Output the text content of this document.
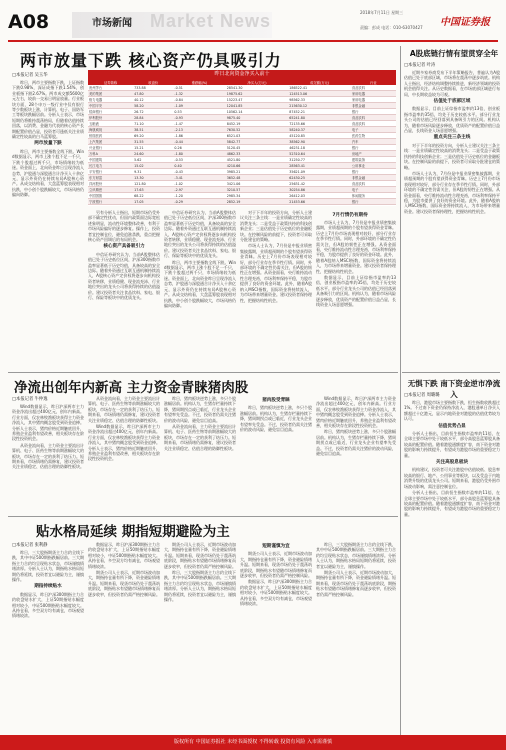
A08	市场新闻 Market News	2018年7月11日 星期三
责编：彭成 电话：010-63070427 中国证券报
两市放量下跌 核心资产仍具吸引力
□本报记者 吴玉华

昨日，两市主要指数下跌，上证指数下跌0.98%，深证成指下跌1.54%，创业板指下跌2.67%。两市成交额5600亿元左右，较前一交易日明显放量。行业板块方面，28个申万一级行业中仅有银行等少数板块上涨，计算机、电子、国防军工等板块跌幅居前。分析人士表示，市场短期仍将维持震荡格局，但随着估值持续回落，以消费、金融为代表的核心资产长期配置价值凸显，投资者可逢低关注业绩确定性较高的白马蓝筹股。

两市放量下跌

昨日，两市主要指数全线下跌。Wind数据显示，两市上涨个股不足一千只，下跌个股超过两千只，市场情绪较为低迷。资金面上，北向资金昨日呈现净流入态势，沪股通与深股通合计净买入十余亿元，显示外资仍在持续布局A股核心资产。从成交结构看，大盘蓝筹股表现相对抗跌，中小创个股跌幅较大，市场风格仍偏向防御。

另有分析人士指出，短期市场仍受外部不确定性扰动，但国内政策面边际宽松迹象明显，流动性环境整体改善，有利于市场风险偏好的逐步修复。操作上，投资者宜控制仓位，避免追涨杀跌，重点把握核心资产回调后的布局机会。

核心资产具备吸引力

中信证券研究认为，当前A股整体估值已处于历史低位区间，沪深300指数市盈率显著低于历史均值，具备较高的安全边际。随着外资通过互联互通机制持续流入，A股核心资产定价权将逐步向机构投资者转移，业绩稳健、现金流充沛、行业地位突出的龙头公司将获得持续的估值溢价。建议投资者关注食品饮料、家电、银行、保险等板块中的优质龙头。

中信证券研究认为，当前A股整体估值已处于历史低位区间，沪深300指数市盈率显著低于历史均值，具备较高的安全边际。随着外资通过互联互通机制持续流入，A股核心资产定价权将逐步向机构投资者转移，业绩稳健、现金流充沛、行业地位突出的龙头公司将获得持续的估值溢价。建议投资者关注食品饮料、家电、银行、保险等板块中的优质龙头。

昨日，两市主要指数全线下跌。Wind数据显示，两市上涨个股不足一千只，下跌个股超过两千只，市场情绪较为低迷。资金面上，北向资金昨日呈现净流入态势，沪股通与深股通合计净买入十余亿元，显示外资仍在持续布局A股核心资产。从成交结构看，大盘蓝筹股表现相对抗跌，中小创个股跌幅较大，市场风格仍偏向防御。

昨日北向资金净买入前十
证券简称	收盘价	涨跌幅(%)	净买入(万元)	成交额(万元)	行业
贵州茅台	733.88	-0.51	28541.30	186522.41	食品饮料
美的集团	47.80	-1.32	19875.62	124513.06	家用电器
格力电器	40.12	-0.84	15223.47	98562.33	家用电器
中国平安	58.20	-1.09	12041.85	215630.12	非银金融
招商银行	26.72	0.53	10562.14	87452.21	银行
伊利股份	28.84	-0.93	9875.40	65241.80	食品饮料
五粮液	71.10	-1.47	8452.19	72135.66	食品饮料
海康威视	38.51	-2.13	7630.52	58240.37	电子
恒瑞医药	69.20	-1.86	6521.03	45120.85	医药生物
上汽集团	31.55	-0.44	5842.77	38562.90	汽车
兴业银行	15.21	0.26	5120.45	46231.18	银行
万科A	24.60	-1.80	4862.33	52310.64	房地产
中国建筑	5.62	-0.53	4521.80	31250.77	建筑装饰
长江电力	15.02	0.40	4210.66	28563.41	公用事业
平安银行	9.31	-0.43	3985.21	35621.09	银行
东方财富	13.30	-3.41	3652.48	62430.25	非银金融
洋河股份	121.80	-1.02	3421.06	25631.42	食品饮料
立讯精密	17.63	-2.97	3210.57	30254.86	电子
中国国旅	68.22	-1.20	2985.34	26412.03	休闲服务
宁波银行	17.05	-0.29	2852.19	21453.66	银行
7月行情仍有期待

对于下半年的投资方向，分析人士建议关注三条主线：一是业绩确定性较高的消费龙头；二是受益于政策扶持的科技创新企业；三是估值处于历史低位的金融板块。在控制风险的前提下，投资者可采取分批建仓的策略。

市场人士认为，7月份是中报业绩密集披露期，业绩超预期的个股有望获得资金青睐。历史上7月份市场表现相对较好，部分行业存在季节性行情。同时，外部环境的不确定性仍需关注，但A股的韧性正在增强。从资金面看，央行维持流动性合理充裕，市场利率保持平稳，为股市提供了良好的资金环境。此外，随着A股纳入MSCI指数，国际资金将持续流入，为市场带来增量资金。建议投资者保持理性，把握结构性机会。

市场人士认为，7月份是中报业绩密集披露期，业绩超预期的个股有望获得资金青睐。历史上7月份市场表现相对较好，部分行业存在季节性行情。同时，外部环境的不确定性仍需关注，但A股的韧性正在增强。从资金面看，央行维持流动性合理充裕，市场利率保持平稳，为股市提供了良好的资金环境。此外，随着A股纳入MSCI指数，国际资金将持续流入，为市场带来增量资金。建议投资者保持理性，把握结构性机会。

数据显示，目前上证综指市盈率约13倍，创业板指市盈率约35倍，均处于历史较低水平。部分行业龙头公司的估值已经回落到具备吸引力的区间。机构认为，随着市场风险逐步释放，优质资产的配置价值日益凸显，长线资金入场意愿增强。

A股底链行情有望贯穿全年
□本报记者 叶涛

近期多家券商发布下半年策略报告，普遍认为A股估值已处于底部区域，市场将在震荡中逐步筑底。机构人士指出，经济结构调整持续推进，新经济领域的投资机会值得关注。从历史数据看，在市场底部区域进行布局，中长期收益较为可观。

估值处于底部区域

数据显示，目前上证综指市盈率约13倍，创业板指市盈率约35倍，均处于历史较低水平。部分行业龙头公司的估值已经回落到具备吸引力的区间。机构认为，随着市场风险逐步释放，优质资产的配置价值日益凸显，长线资金入场意愿增强。

重点关注三条主线

对于下半年的投资方向，分析人士建议关注三条主线：一是业绩确定性较高的消费龙头；二是受益于政策扶持的科技创新企业；三是估值处于历史低位的金融板块。在控制风险的前提下，投资者可采取分批建仓的策略。

市场人士认为，7月份是中报业绩密集披露期，业绩超预期的个股有望获得资金青睐。历史上7月份市场表现相对较好，部分行业存在季节性行情。同时，外部环境的不确定性仍需关注，但A股的韧性正在增强。从资金面看，央行维持流动性合理充裕，市场利率保持平稳，为股市提供了良好的资金环境。此外，随着A股纳入MSCI指数，国际资金将持续流入，为市场带来增量资金。建议投资者保持理性，把握结构性机会。

净流出创年内新高 主力资金青睐猪肉股
□本报记者 牛仲逸

Wind数据显示，昨日沪深两市主力资金净流出超过400亿元，创年内新高。行业方面，仅农林牧渔板块获得主力资金净流入，其中猪肉概念股受到资金追捧。分析人士表示，猪肉价格近期触底回升，养殖企业盈利有望改善，相关板块存在阶段性投资机会。

从资金流向看，主力资金主要流出计算机、电子、医药生物等前期涨幅较大的板块，市场存在一定的获利了结压力。短期来看，市场情绪仍需修复，建议投资者关注业绩稳定、估值合理的防御性板块。

从资金流向看，主力资金主要流出计算机、电子、医药生物等前期涨幅较大的板块，市场存在一定的获利了结压力。短期来看，市场情绪仍需修复，建议投资者关注业绩稳定、估值合理的防御性板块。

Wind数据显示，昨日沪深两市主力资金净流出超过400亿元，创年内新高。行业方面，仅农林牧渔板块获得主力资金净流入，其中猪肉概念股受到资金追捧。分析人士表示，猪肉价格近期触底回升，养殖企业盈利有望改善，相关板块存在阶段性投资机会。

昨日，猪肉板块逆势上涨，多只个股涨幅居前。机构认为，生猪存栏量持续下降，猪周期拐点或已临近，行业龙头企业有望率先受益。不过，投资者仍需关注猪价的波动风险，避免盲目追高。

从资金流向看，主力资金主要流出计算机、电子、医药生物等前期涨幅较大的板块，市场存在一定的获利了结压力。短期来看，市场情绪仍需修复，建议投资者关注业绩稳定、估值合理的防御性板块。

猪肉股受青睐

昨日，猪肉板块逆势上涨，多只个股涨幅居前。机构认为，生猪存栏量持续下降，猪周期拐点或已临近，行业龙头企业有望率先受益。不过，投资者仍需关注猪价的波动风险，避免盲目追高。

Wind数据显示，昨日沪深两市主力资金净流出超过400亿元，创年内新高。行业方面，仅农林牧渔板块获得主力资金净流入，其中猪肉概念股受到资金追捧。分析人士表示，猪肉价格近期触底回升，养殖企业盈利有望改善，相关板块存在阶段性投资机会。

昨日，猪肉板块逆势上涨，多只个股涨幅居前。机构认为，生猪存栏量持续下降，猪周期拐点或已临近，行业龙头企业有望率先受益。不过，投资者仍需关注猪价的波动风险，避免盲目追高。

贴水格局延续 期指短期避险为主
□本报记者 张利静

昨日，三大股指期货主力合约全线下跌，其中中证500期指跌幅居前。三大期指主力合约均呈现贴水状态，市场谨慎情绪浓厚。分析人士认为，期指贴水格局短期仍将延续，投资者宜以避险为主，谨慎操作。

期指持续贴水

数据显示，昨日沪深300期指主力合约收盘贴水扩大，上证50期指贴水幅度相对较小，中证500期指贴水幅度较大。从持仓看，多空双方均有减仓，市场观望情绪较浓。

数据显示，昨日沪深300期指主力合约收盘贴水扩大，上证50期指贴水幅度相对较小，中证500期指贴水幅度较大。从持仓看，多空双方均有减仓，市场观望情绪较浓。

期货公司人士表示，近期市场波动加大，期指持仓量有所下降，资金避险情绪升温。短期来看，现货市场仍处于震荡筑底阶段，期指贴水有望随市场情绪修复而逐步收窄，但投资者仍需严格控制风险。

期货公司人士表示，近期市场波动加大，期指持仓量有所下降，资金避险情绪升温。短期来看，现货市场仍处于震荡筑底阶段，期指贴水有望随市场情绪修复而逐步收窄，但投资者仍需严格控制风险。

昨日，三大股指期货主力合约全线下跌，其中中证500期指跌幅居前。三大期指主力合约均呈现贴水状态，市场谨慎情绪浓厚。分析人士认为，期指贴水格局短期仍将延续，投资者宜以避险为主，谨慎操作。

短期谨慎为宜

期货公司人士表示，近期市场波动加大，期指持仓量有所下降，资金避险情绪升温。短期来看，现货市场仍处于震荡筑底阶段，期指贴水有望随市场情绪修复而逐步收窄，但投资者仍需严格控制风险。

数据显示，昨日沪深300期指主力合约收盘贴水扩大，上证50期指贴水幅度相对较小，中证500期指贴水幅度较大。从持仓看，多空双方均有减仓，市场观望情绪较浓。

昨日，三大股指期货主力合约全线下跌，其中中证500期指跌幅居前。三大期指主力合约均呈现贴水状态，市场谨慎情绪浓厚。分析人士认为，期指贴水格局短期仍将延续，投资者宜以避险为主，谨慎操作。

期货公司人士表示，近期市场波动加大，期指持仓量有所下降，资金避险情绪升温。短期来看，现货市场仍处于震荡筑底阶段，期指贴水有望随市场情绪修复而逐步收窄，但投资者仍需严格控制风险。

无惧下跌 南下资金逆市净流入
□本报记者 周璐璐

昨日，港股市场主要指数下跌，恒生指数收跌超过1%。不过南下资金仍保持净流入，港股通单日净买入额超过十亿港元，显示内地资金对港股的估值优势较为认可。

估值优势凸显

分析人士指出，目前恒生指数市盈率约11倍，在全球主要市场中处于较低水平，部分高股息蓝筹股具备较高的配置价值。随着港股通额度扩容，南下资金对港股的影响力持续提升，有望成为港股市场的重要稳定力量。

关注高股息板块

机构建议，投资者可关注港股中估值较低、股息率较高的银行、地产、公用事业等板块，以及受益于内地消费升级的优质龙头公司。短期来看，港股仍受外围市场波动影响，需注意控制仓位。

分析人士指出，目前恒生指数市盈率约11倍，在全球主要市场中处于较低水平，部分高股息蓝筹股具备较高的配置价值。随着港股通额度扩容，南下资金对港股的影响力持续提升，有望成为港股市场的重要稳定力量。

版权所有 中国证券报社 未经书面授权 不得转载 投资有风险 入市需谨慎
